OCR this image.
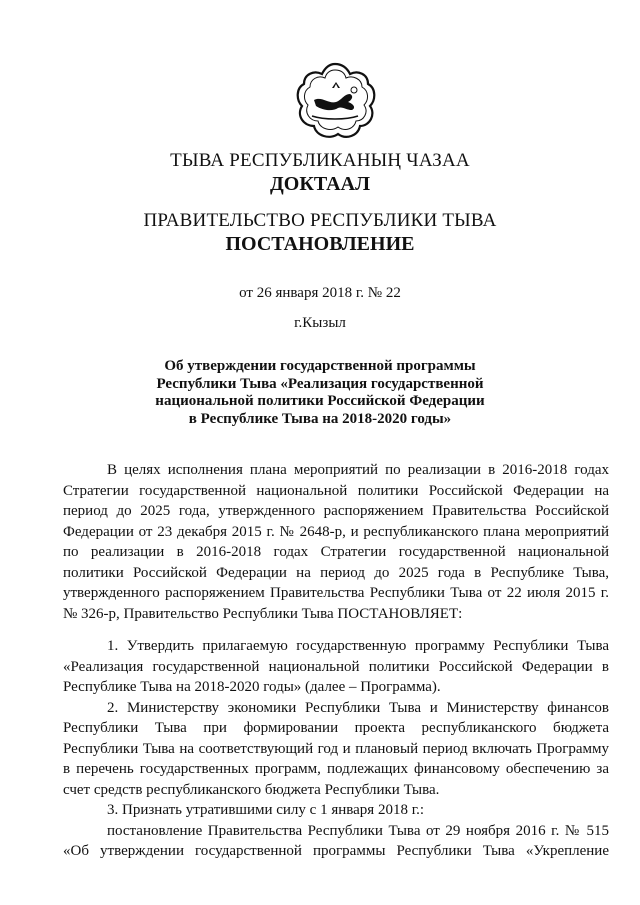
ТЫВА РЕСПУБЛИКАНЫҢ ЧАЗАА
ДОКТААЛ
ПРАВИТЕЛЬСТВО РЕСПУБЛИКИ ТЫВА
ПОСТАНОВЛЕНИЕ
от 26 января 2018 г. № 22
г.Кызыл
Об утверждении государственной программы
Республики Тыва «Реализация государственной
национальной политики Российской Федерации
в Республике Тыва на 2018-2020 годы»
В целях исполнения плана мероприятий по реализации в 2016-2018 годах
Стратегии государственной национальной политики Российской Федерации на
период до 2025 года, утвержденного распоряжением Правительства Российской
Федерации от 23 декабря 2015 г. № 2648-р, и республиканского плана мероприятий
по реализации в 2016-2018 годах Стратегии государственной национальной
политики Российской Федерации на период до 2025 года в Республике Тыва,
утвержденного распоряжением Правительства Республики Тыва от 22 июля 2015 г.
№ 326-р, Правительство Республики Тыва ПОСТАНОВЛЯЕТ:
1. Утвердить прилагаемую государственную программу Республики Тыва
«Реализация государственной национальной политики Российской Федерации в
Республике Тыва на 2018-2020 годы» (далее – Программа).
2. Министерству экономики Республики Тыва и Министерству финансов
Республики Тыва при формировании проекта республиканского бюджета
Республики Тыва на соответствующий год и плановый период включать Программу
в перечень государственных программ, подлежащих финансовому обеспечению за
счет средств республиканского бюджета Республики Тыва.
3. Признать утратившими силу с 1 января 2018 г.:
постановление Правительства Республики Тыва от 29 ноября 2016 г. № 515
«Об утверждении государственной программы Республики Тыва «Укрепление
